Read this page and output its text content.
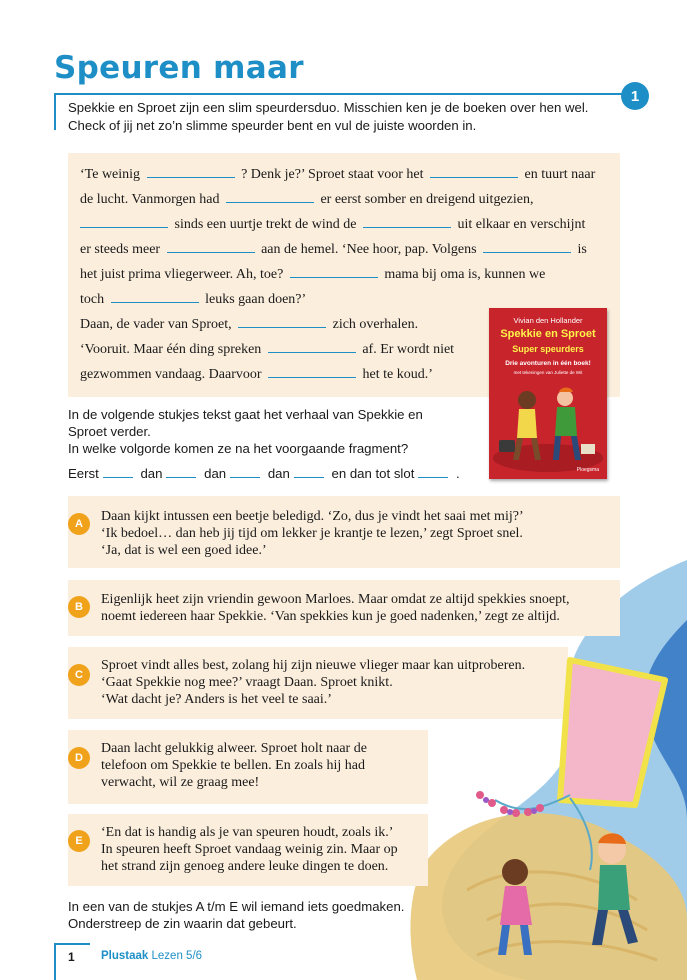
Speuren maar
1
Spekkie en Sproet zijn een slim speurdersduo. Misschien ken je de boeken over hen wel.
Check of jij net zo’n slimme speurder bent en vul de juiste woorden in.
‘Te weinig	? Denk je?’ Sproet staat voor het	en tuurt naar
de lucht. Vanmorgen had	er eerst somber en dreigend uitgezien,
sinds een uurtje trekt de wind de	uit elkaar en verschijnt
er steeds meer	aan de hemel. ‘Nee hoor, pap. Volgens	is
het juist prima vliegerweer. Ah, toe?	mama bij oma is, kunnen we
toch	leuks gaan doen?’
Daan, de vader van Sproet,	zich overhalen.
‘Vooruit. Maar één ding spreken	af. Er wordt niet
gezwommen vandaag. Daarvoor	het te koud.’
Vivian den Hollander
Spekkie en Sproet
Super speurders
Drie avonturen in één boek!
met tekeningen van Juliette de Wit
Ploegsma
In de volgende stukjes tekst gaat het verhaal van Spekkie en
Sproet verder.
In welke volgorde komen ze na het voorgaande fragment?
Eerst	dan	dan	dan	en dan tot slot	.
A	Daan kijkt intussen een beetje beledigd. ‘Zo, dus je vindt het saai met mij?’
‘Ik bedoel… dan heb jij tijd om lekker je krantje te lezen,’ zegt Sproet snel.
‘Ja, dat is wel een goed idee.’
B	Eigenlijk heet zijn vriendin gewoon Marloes. Maar omdat ze altijd spekkies snoept,
noemt iedereen haar Spekkie. ‘Van spekkies kun je goed nadenken,’ zegt ze altijd.
C
Sproet vindt alles best, zolang hij zijn nieuwe vlieger maar kan uitproberen.
‘Gaat Spekkie nog mee?’ vraagt Daan. Sproet knikt.
‘Wat dacht je? Anders is het veel te saai.’
D
Daan lacht gelukkig alweer. Sproet holt naar de
telefoon om Spekkie te bellen. En zoals hij had
verwacht, wil ze graag mee!
E
‘En dat is handig als je van speuren houdt, zoals ik.’
In speuren heeft Sproet vandaag weinig zin. Maar op
het strand zijn genoeg andere leuke dingen te doen.
In een van de stukjes A t/m E wil iemand iets goedmaken.
Onderstreep de zin waarin dat gebeurt.
1 Plustaak Lezen 5/6
